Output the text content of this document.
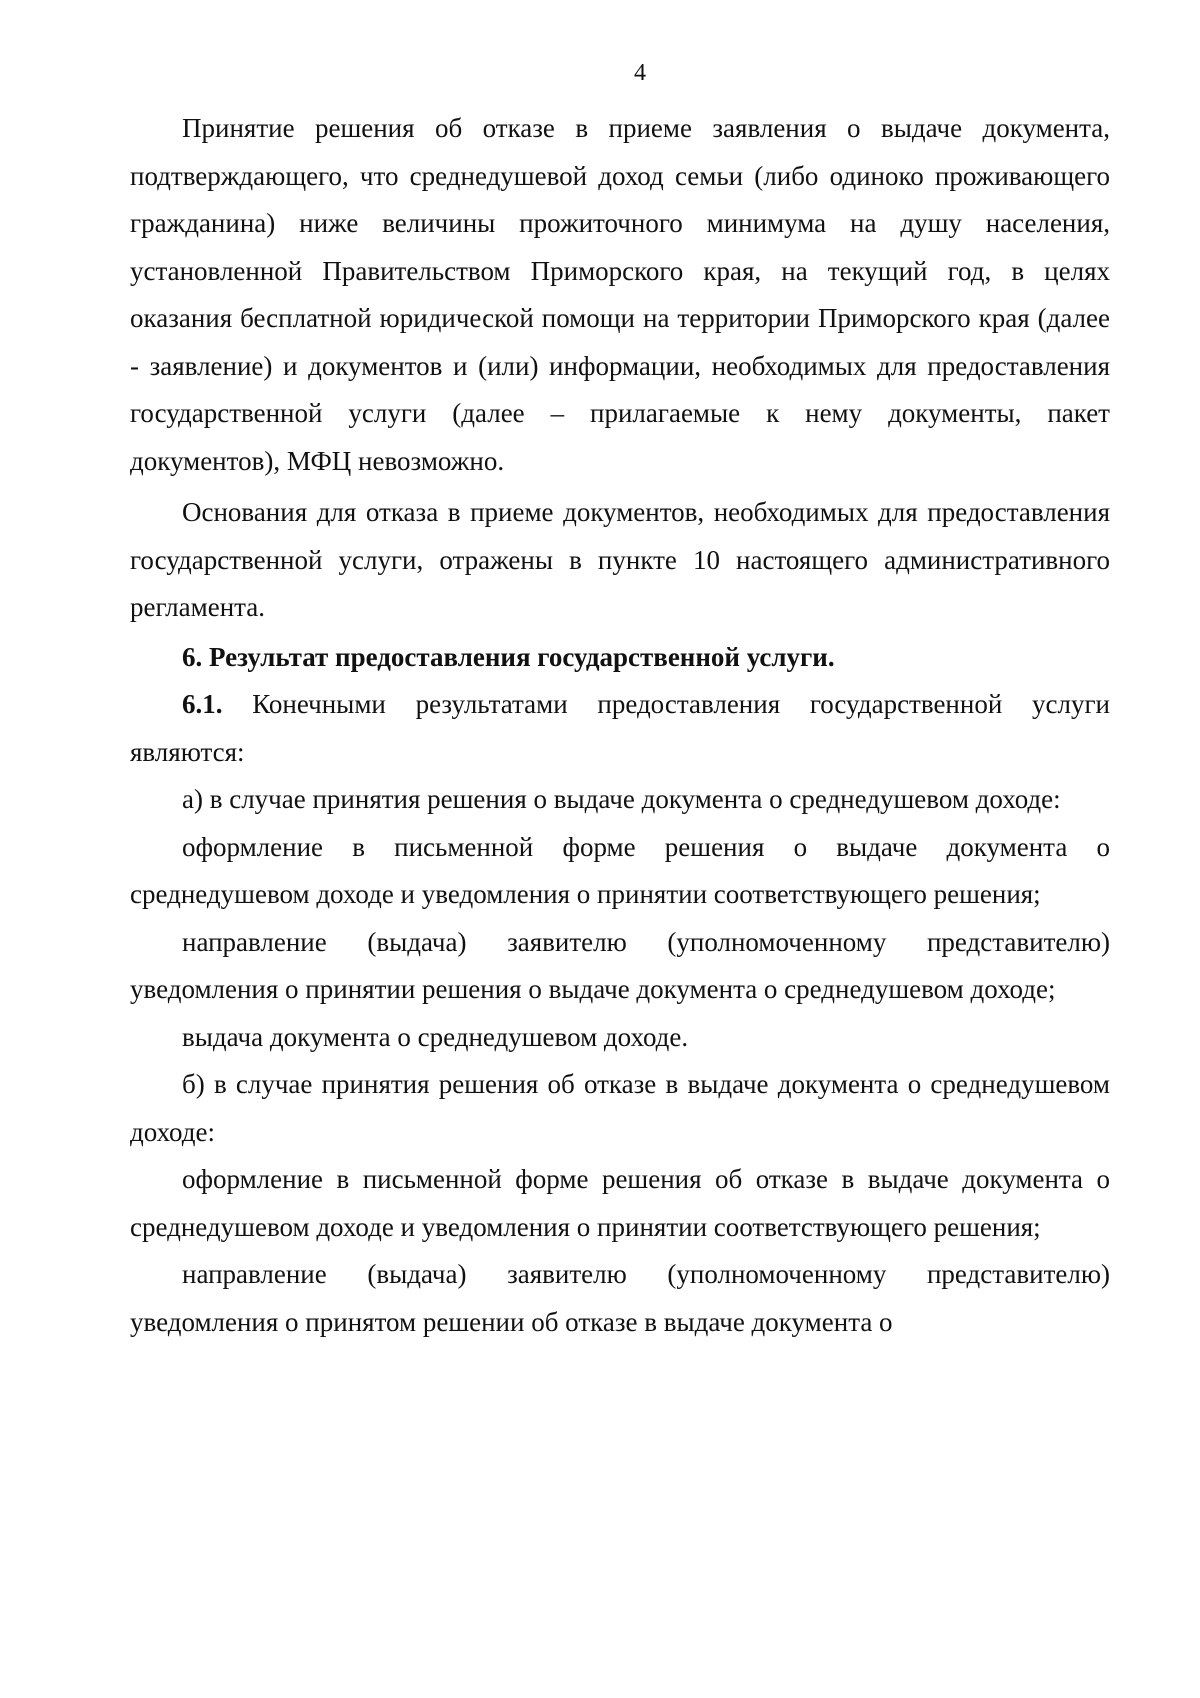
4

Принятие решения об отказе в приеме заявления о выдаче документа, подтверждающего, что среднедушевой доход семьи (либо одиноко проживающего гражданина) ниже величины прожиточного минимума на душу населения, установленной Правительством Приморского края, на текущий год, в целях оказания бесплатной юридической помощи на территории Приморского края (далее - заявление) и документов и (или) информации, необходимых для предоставления государственной услуги (далее – прилагаемые к нему документы, пакет документов), МФЦ невозможно.

Основания для отказа в приеме документов, необходимых для предоставления государственной услуги, отражены в пункте 10 настоящего административного регламента.

6. Результат предоставления государственной услуги.

6.1. Конечными результатами предоставления государственной услуги являются:

а) в случае принятия решения о выдаче документа о среднедушевом доходе:

оформление в письменной форме решения о выдаче документа о среднедушевом доходе и уведомления о принятии соответствующего решения;

направление (выдача) заявителю (уполномоченному представителю) уведомления о принятии решения о выдаче документа о среднедушевом доходе;

выдача документа о среднедушевом доходе.

б) в случае принятия решения об отказе в выдаче документа о среднедушевом доходе:

оформление в письменной форме решения об отказе в выдаче документа о среднедушевом доходе и уведомления о принятии соответствующего решения;

направление (выдача) заявителю (уполномоченному представителю) уведомления о принятом решении об отказе в выдаче документа о
